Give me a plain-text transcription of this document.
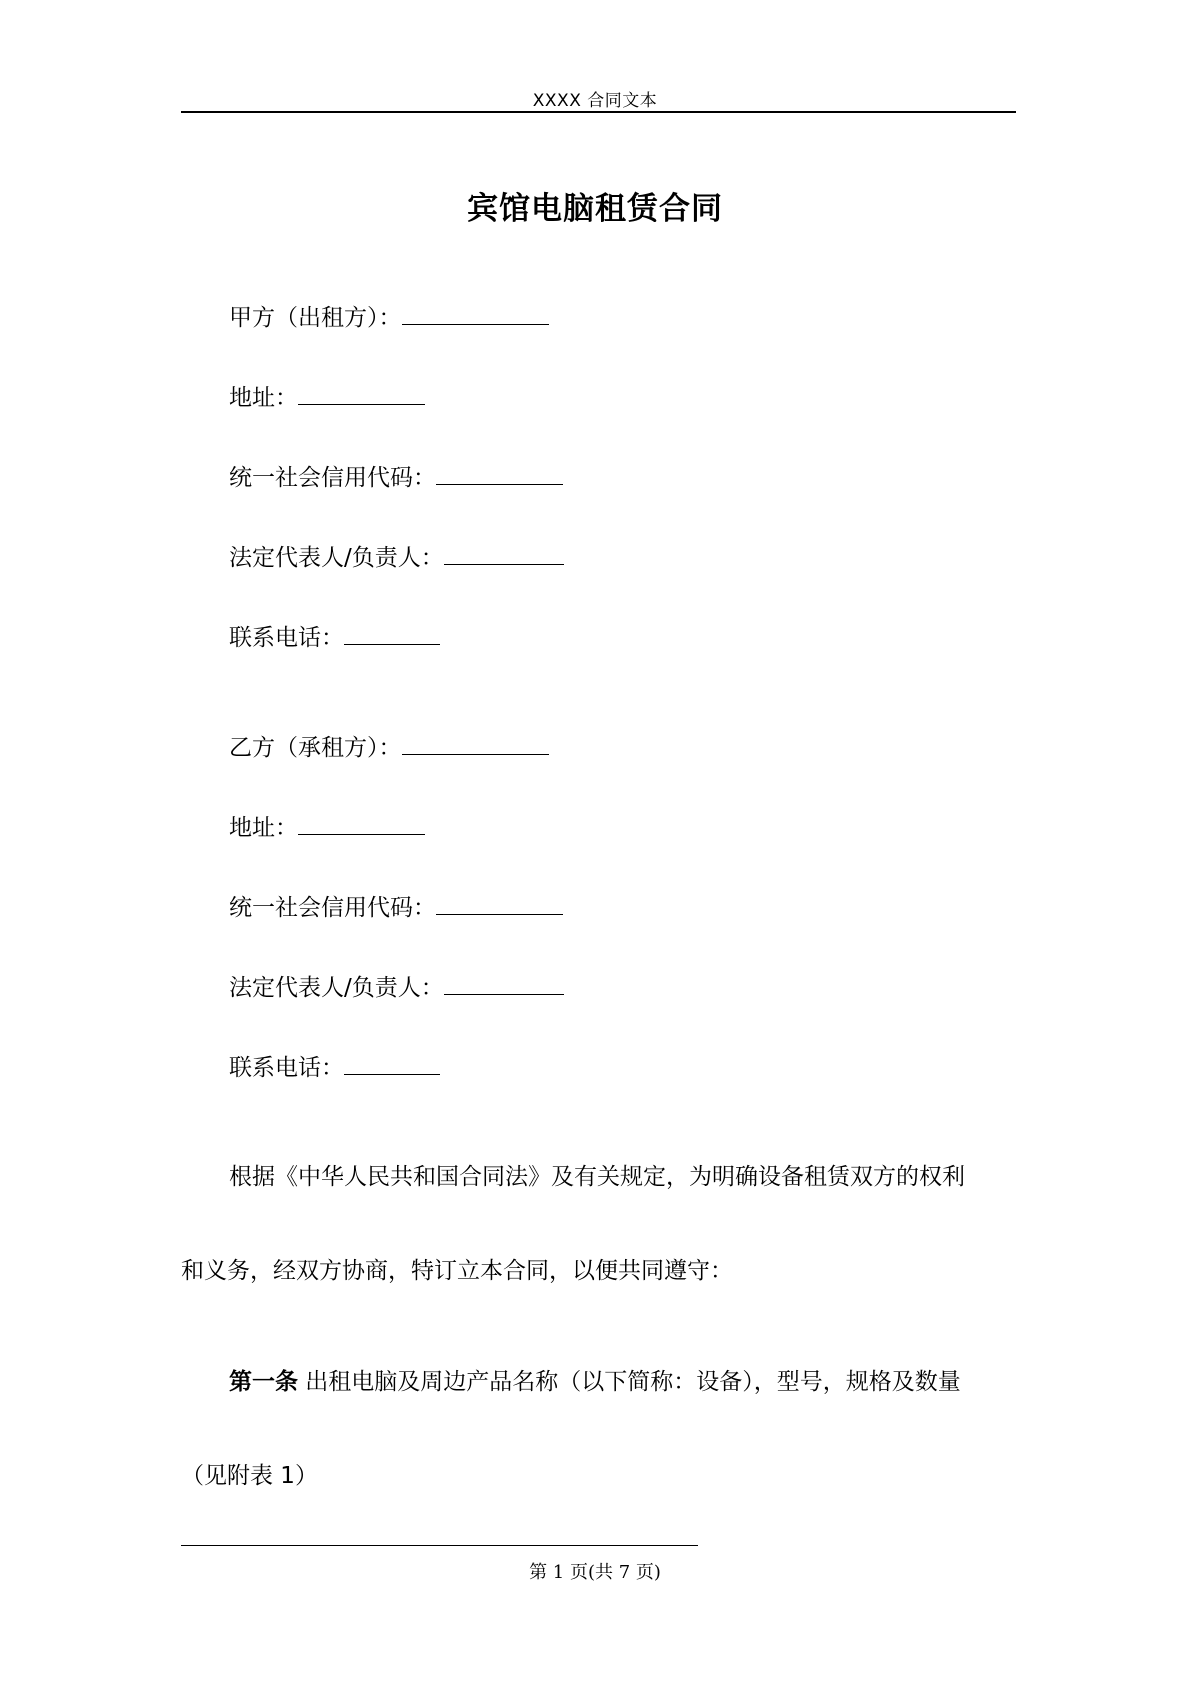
XXXX 合同文本
宾馆电脑租赁合同
甲方（出租方）：
地址：
统一社会信用代码：
法定代表人/负责人：
联系电话：
乙方（承租方）：
地址：
统一社会信用代码：
法定代表人/负责人：
联系电话：
根据《中华人民共和国合同法》及有关规定，为明确设备租赁双方的权利
和义务，经双方协商，特订立本合同，以便共同遵守：
第一条 出租电脑及周边产品名称（以下简称：设备），型号，规格及数量
（见附表 1）
第 1 页(共 7 页)
